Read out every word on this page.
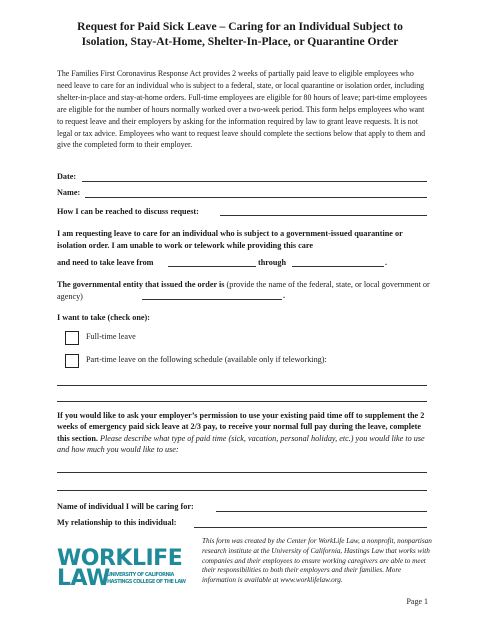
Request for Paid Sick Leave – Caring for an Individual Subject to
Isolation, Stay-At-Home, Shelter-In-Place, or Quarantine Order
The Families First Coronavirus Response Act provides 2 weeks of partially paid leave to eligible employees who need leave to care for an individual who is subject to a federal, state, or local quarantine or isolation order, including shelter-in-place and stay-at-home orders. Full-time employees are eligible for 80 hours of leave; part-time employees are eligible for the number of hours normally worked over a two-week period. This form helps employees who want to request leave and their employers by asking for the information required by law to grant leave requests. It is not legal or tax advice. Employees who want to request leave should complete the sections below that apply to them and give the completed form to their employer.
Date:
Name:
How I can be reached to discuss request:
I am requesting leave to care for an individual who is subject to a government-issued quarantine or isolation order. I am unable to work or telework while providing this care
and need to take leave from	through	.
The governmental entity that issued the order is (provide the name of the federal, state, or local government or agency)	.
I want to take (check one):
Full-time leave
Part-time leave on the following schedule (available only if teleworking):
If you would like to ask your employer’s permission to use your existing paid time off to supplement the 2 weeks of emergency paid sick leave at 2/3 pay, to receive your normal full pay during the leave, complete this section. Please describe what type of paid time (sick, vacation, personal holiday, etc.) you would like to use and how much you would like to use:
Name of individual I will be caring for:
My relationship to this individual:
WORKLIFE
LAW
UNIVERSITY OF CALIFORNIA
HASTINGS COLLEGE OF THE LAW
This form was created by the Center for WorkLife Law, a nonprofit, nonpartisan research institute at the University of California, Hastings Law that works with companies and their employees to ensure working caregivers are able to meet their responsibilities to both their employers and their families. More information is available at www.worklifelaw.org.
Page 1
